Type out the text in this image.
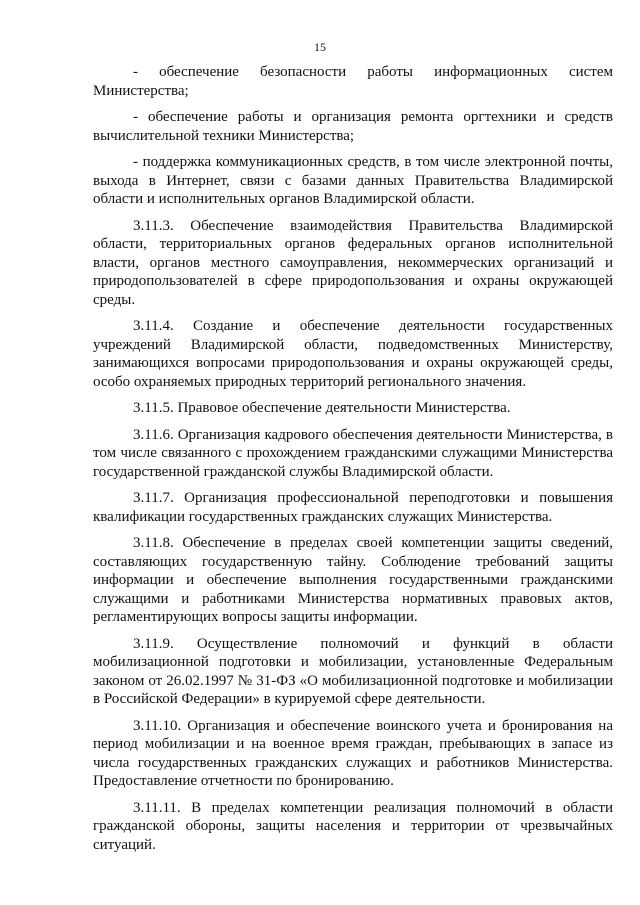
15

- обеспечение безопасности работы информационных систем Министерства;

- обеспечение работы и организация ремонта оргтехники и средств вычислительной техники Министерства;

- поддержка коммуникационных средств, в том числе электронной почты, выхода в Интернет, связи с базами данных Правительства Владимирской области и исполнительных органов Владимирской области.

3.11.3. Обеспечение взаимодействия Правительства Владимирской области, территориальных органов федеральных органов исполнительной власти, органов местного самоуправления, некоммерческих организаций и природопользователей в сфере природопользования и охраны окружающей среды.

3.11.4. Создание и обеспечение деятельности государственных учреждений Владимирской области, подведомственных Министерству, занимающихся вопросами природопользования и охраны окружающей среды, особо охраняемых природных территорий регионального значения.

3.11.5. Правовое обеспечение деятельности Министерства.

3.11.6. Организация кадрового обеспечения деятельности Министерства, в том числе связанного с прохождением гражданскими служащими Министерства государственной гражданской службы Владимирской области.

3.11.7. Организация профессиональной переподготовки и повышения квалификации государственных гражданских служащих Министерства.

3.11.8. Обеспечение в пределах своей компетенции защиты сведений, составляющих государственную тайну. Соблюдение требований защиты информации и обеспечение выполнения государственными гражданскими служащими и работниками Министерства нормативных правовых актов, регламентирующих вопросы защиты информации.

3.11.9. Осуществление полномочий и функций в области мобилизационной подготовки и мобилизации, установленные Федеральным законом от 26.02.1997 № 31-ФЗ «О мобилизационной подготовке и мобилизации в Российской Федерации» в курируемой сфере деятельности.

3.11.10. Организация и обеспечение воинского учета и бронирования на период мобилизации и на военное время граждан, пребывающих в запасе из числа государственных гражданских служащих и работников Министерства. Предоставление отчетности по бронированию.

3.11.11. В пределах компетенции реализация полномочий в области гражданской обороны, защиты населения и территории от чрезвычайных ситуаций.
